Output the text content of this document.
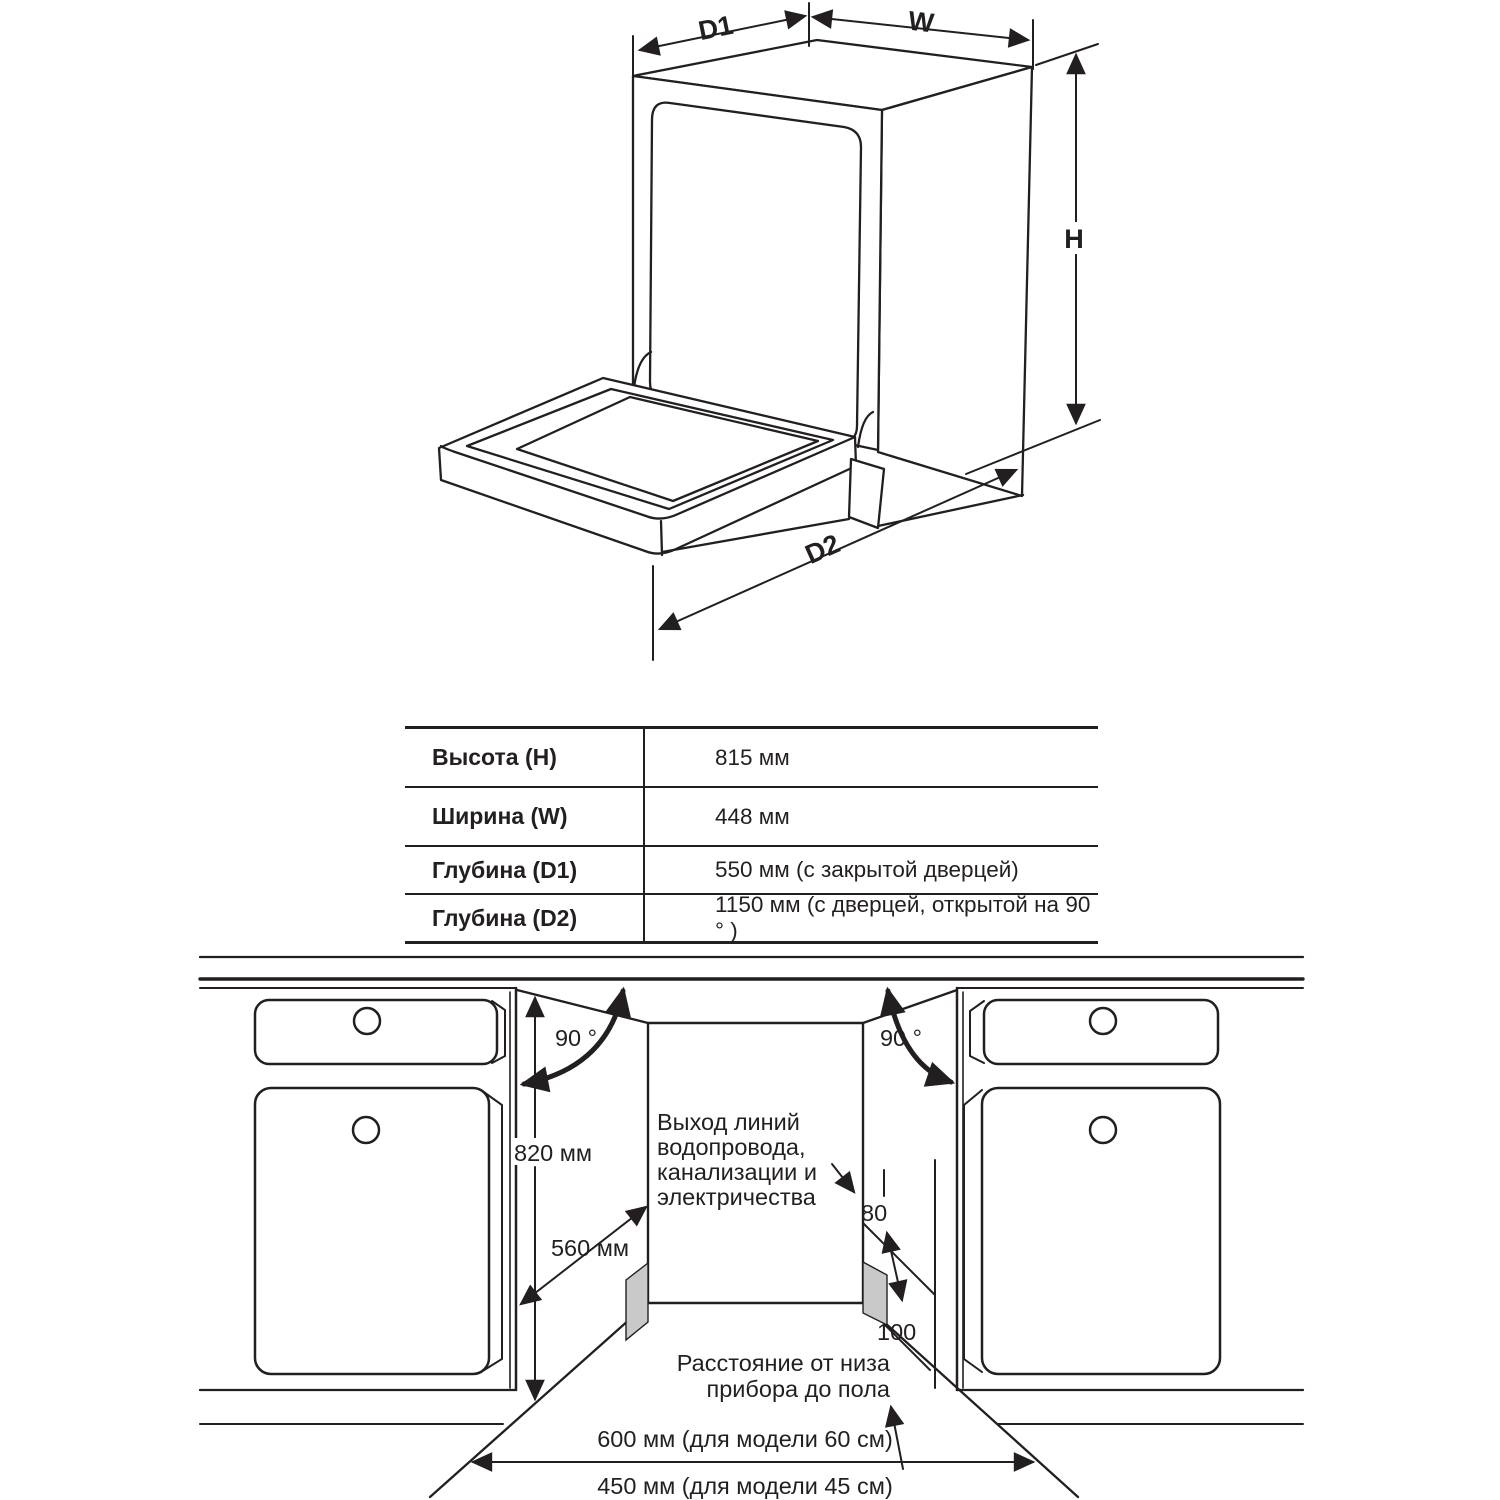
D1	W
H
D2
90 °	90 °
820 мм
560 мм
80
100
Выход линий
водопровода,
канализации и
электричества
Расстояние от низа
прибора до пола
600 мм (для модели 60 см)
450 мм (для модели 45 см)
Высота (H)	815 мм
Ширина (W)	448 мм
Глубина (D1)	550 мм (с закрытой дверцей)
Глубина (D2)	1150 мм (с дверцей, открытой на 90 ° )
